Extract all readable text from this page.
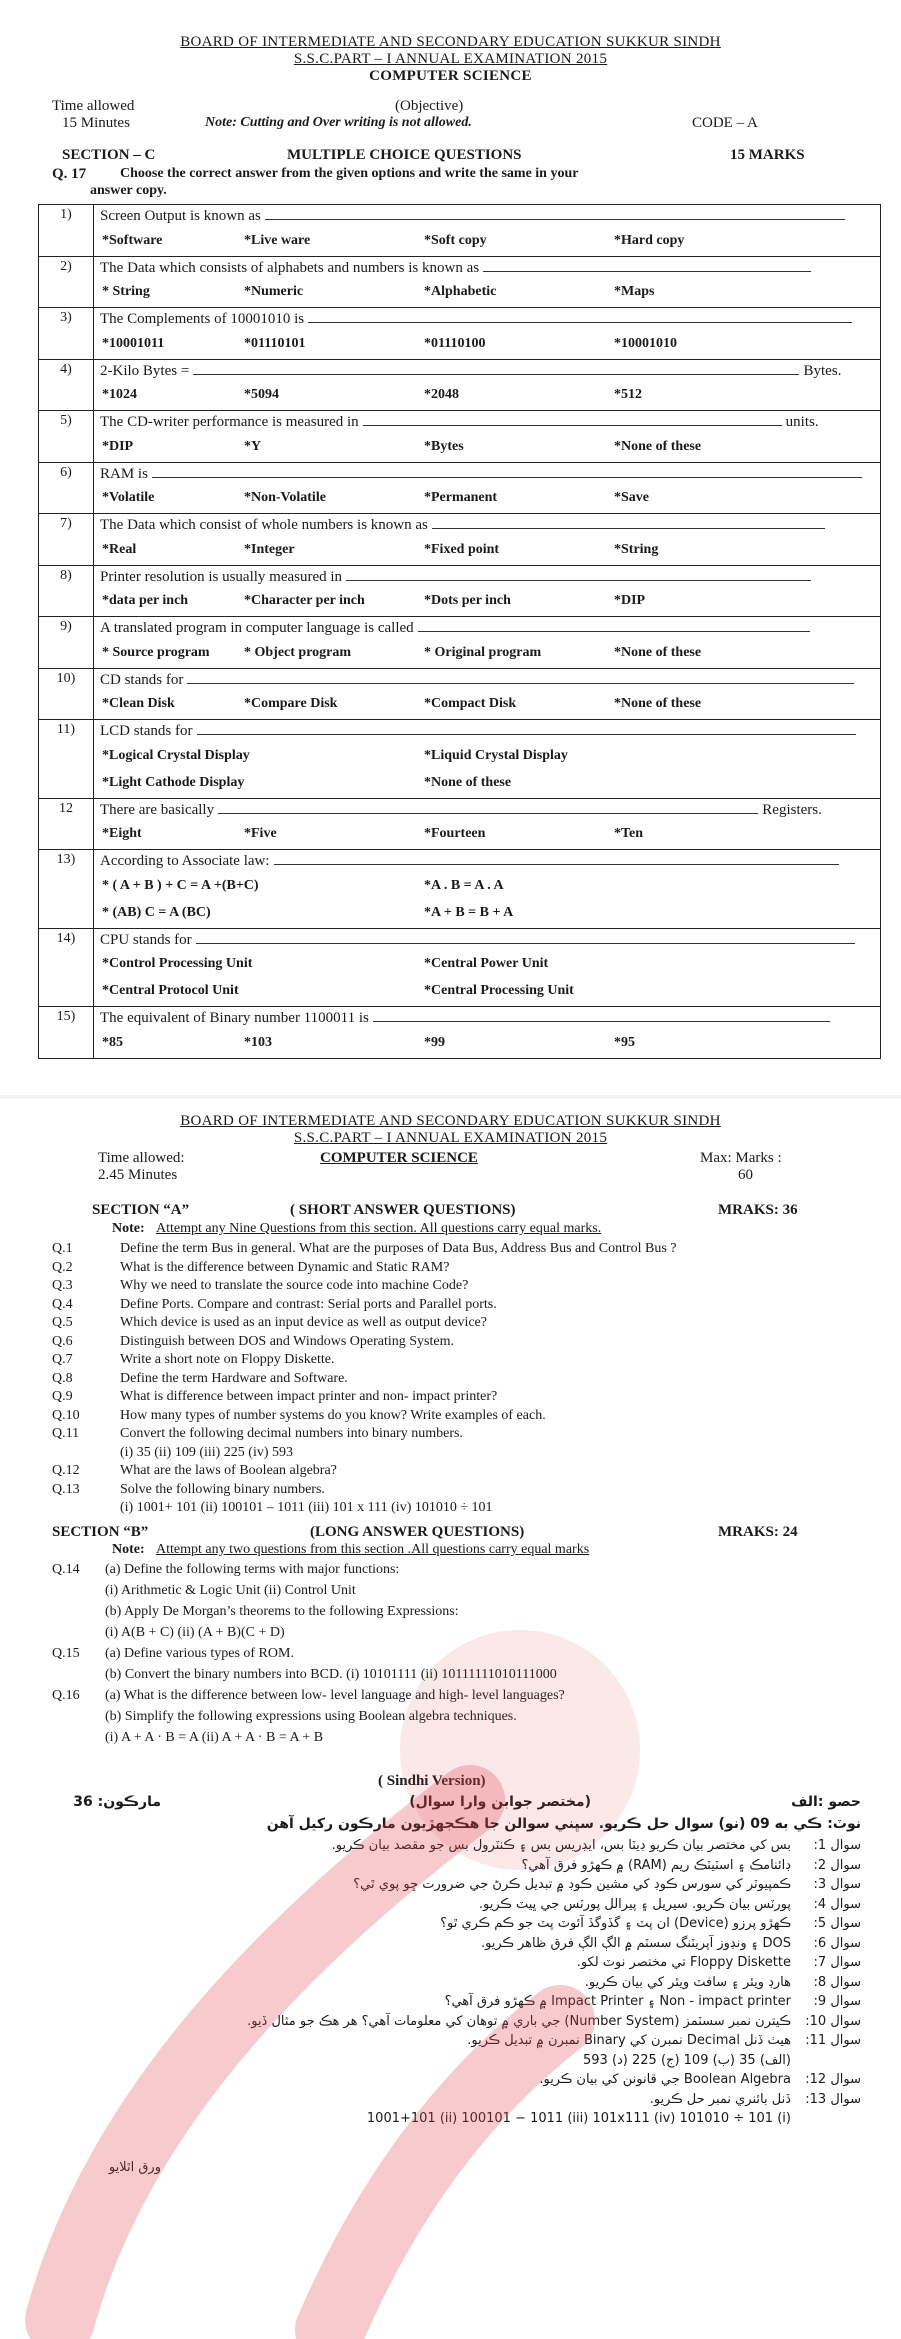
BOARD OF INTERMEDIATE AND SECONDARY EDUCATION SUKKUR SINDH
S.S.C.PART – I ANNUAL EXAMINATION 2015
COMPUTER SCIENCE
Time allowed	(Objective)
15 Minutes	Note: Cutting and Over writing is not allowed.	CODE – A
SECTION – C	MULTIPLE CHOICE QUESTIONS	15 MARKS
Q. 17 Choose the correct answer from the given options and write the same in your
answer copy.
1)	Screen Output is known as

	*Software *Live ware *Soft copy *Hard copy

2)	The Data which consists of alphabets and numbers is known as

	* String *Numeric *Alphabetic *Maps

3)	The Complements of 10001010 is

	*10001011 *01110101 *01110100 *10001010

4)	2-Kilo Bytes = Bytes.

	*1024 *5094 *2048 *512

5)	The CD-writer performance is measured in units.

	*DIP *Y *Bytes *None of these

6)	RAM is

	*Volatile *Non-Volatile *Permanent *Save

7)	The Data which consist of whole numbers is known as

	*Real *Integer *Fixed point *String

8)	Printer resolution is usually measured in

	*data per inch *Character per inch *Dots per inch *DIP

9)	A translated program in computer language is called

	* Source program * Object program * Original program *None of these

10)	CD stands for

	*Clean Disk *Compare Disk *Compact Disk *None of these

11)	LCD stands for

	*Logical Crystal Display *Liquid Crystal Display

	*Light Cathode Display *None of these

12	There are basically Registers.

	*Eight *Five *Fourteen *Ten

13)	According to Associate law:

	* ( A + B ) + C = A +(B+C) *A . B = A . A

	* (AB) C = A (BC) *A + B = B + A

14)	CPU stands for

	*Control Processing Unit *Central Power Unit

	*Central Protocol Unit *Central Processing Unit

15)	The equivalent of Binary number 1100011 is

	*85 *103 *99 *95
BOARD OF INTERMEDIATE AND SECONDARY EDUCATION SUKKUR SINDH
S.S.C.PART – I ANNUAL EXAMINATION 2015
Time allowed:	COMPUTER SCIENCE	Max: Marks :
2.45 Minutes	60
SECTION “A”	( SHORT ANSWER QUESTIONS)	MRAKS: 36
Note: Attempt any Nine Questions from this section. All questions carry equal marks.
Q.1	Define the term Bus in general. What are the purposes of Data Bus, Address Bus and Control Bus ?
Q.2	What is the difference between Dynamic and Static RAM?
Q.3	Why we need to translate the source code into machine Code?
Q.4	Define Ports. Compare and contrast: Serial ports and Parallel ports.
Q.5	Which device is used as an input device as well as output device?
Q.6	Distinguish between DOS and Windows Operating System.
Q.7	Write a short note on Floppy Diskette.
Q.8	Define the term Hardware and Software.
Q.9	What is difference between impact printer and non- impact printer?
Q.10	How many types of number systems do you know? Write examples of each.
Q.11	Convert the following decimal numbers into binary numbers.
(i) 35 (ii) 109 (iii) 225 (iv) 593
Q.12	What are the laws of Boolean algebra?
Q.13	Solve the following binary numbers.
(i) 1001+ 101 (ii) 100101 – 1011 (iii) 101 x 111 (iv) 101010 ÷ 101
SECTION “B”	(LONG ANSWER QUESTIONS)	MRAKS: 24
Note: Attempt any two questions from this section .All questions carry equal marks
Q.14 (a) Define the following terms with major functions:
(i) Arithmetic & Logic Unit (ii) Control Unit
(b) Apply De Morgan’s theorems to the following Expressions:
(i) A(B + C) (ii) (A + B)(C + D)
Q.15 (a) Define various types of ROM.
(b) Convert the binary numbers into BCD. (i) 10101111 (ii) 10111111010111000
Q.16 (a) What is the difference between low- level language and high- level languages?
(b) Simplify the following expressions using Boolean algebra techniques.
(i) A + A · B = A (ii) A + A · B = A + B
( Sindhi Version)
مارڪون: 36	(مختصر جوابن وارا سوال)	حصو :الف
نوٽ: ڪي به 09 (نو) سوال حل ڪريو. سڀني سوالن جا هڪجهڙيون مارڪون رکيل آهن
سوال 1:
بس کي مختصر بيان ڪريو ڊيٽا بس، ايڊريس بس ۽ ڪنٽرول بس جو مقصد بيان ڪريو.
سوال 2:
ڊائنامڪ ۽ اسٽيٽڪ ريم (RAM) ۾ ڪهڙو فرق آهي؟
سوال 3:
ڪمپيوٽر کي سورس ڪوڊ کي مشين ڪوڊ ۾ تبديل ڪرڻ جي ضرورت ڇو پوي ٿي؟
سوال 4:
پورٽس بيان ڪريو. سيريل ۽ پيرالل پورٽس جي ڀيٽ ڪريو.
سوال 5:
ڪهڙو پرزو (Device) ان پٽ ۽ گڏوگڏ آئوٽ پٽ جو ڪم ڪري ٿو؟
سوال 6:
DOS ۽ ونڊوز آپريٽنگ سسٽم ۾ الڳ الڳ فرق ظاهر ڪريو.
سوال 7:
Floppy Diskette تي مختصر نوٽ لکو.
سوال 8:
هارڊ ويئر ۽ سافٽ ويئر کي بيان ڪريو.
سوال 9:
Non - impact printer ۽ Impact Printer ۾ ڪهڙو فرق آهي؟
سوال 10:
ڪيترن نمبر سسٽمز (Number System) جي باري ۾ توهان کي معلومات آهي؟ هر هڪ جو مثال ڏيو.
سوال 11:
هيٺ ڏنل Decimal نمبرن کي Binary نمبرن ۾ تبديل ڪريو.
(الف) 35 (ب) 109 (ج) 225 (د) 593
سوال 12:
Boolean Algebra جي قانونن کي بيان ڪريو.
سوال 13:
ڏنل بائنري نمبر حل ڪريو.
(i) 1001+101 (ii) 100101 − 1011 (iii) 101x111 (iv) 101010 ÷ 101
ورق اٿلايو
